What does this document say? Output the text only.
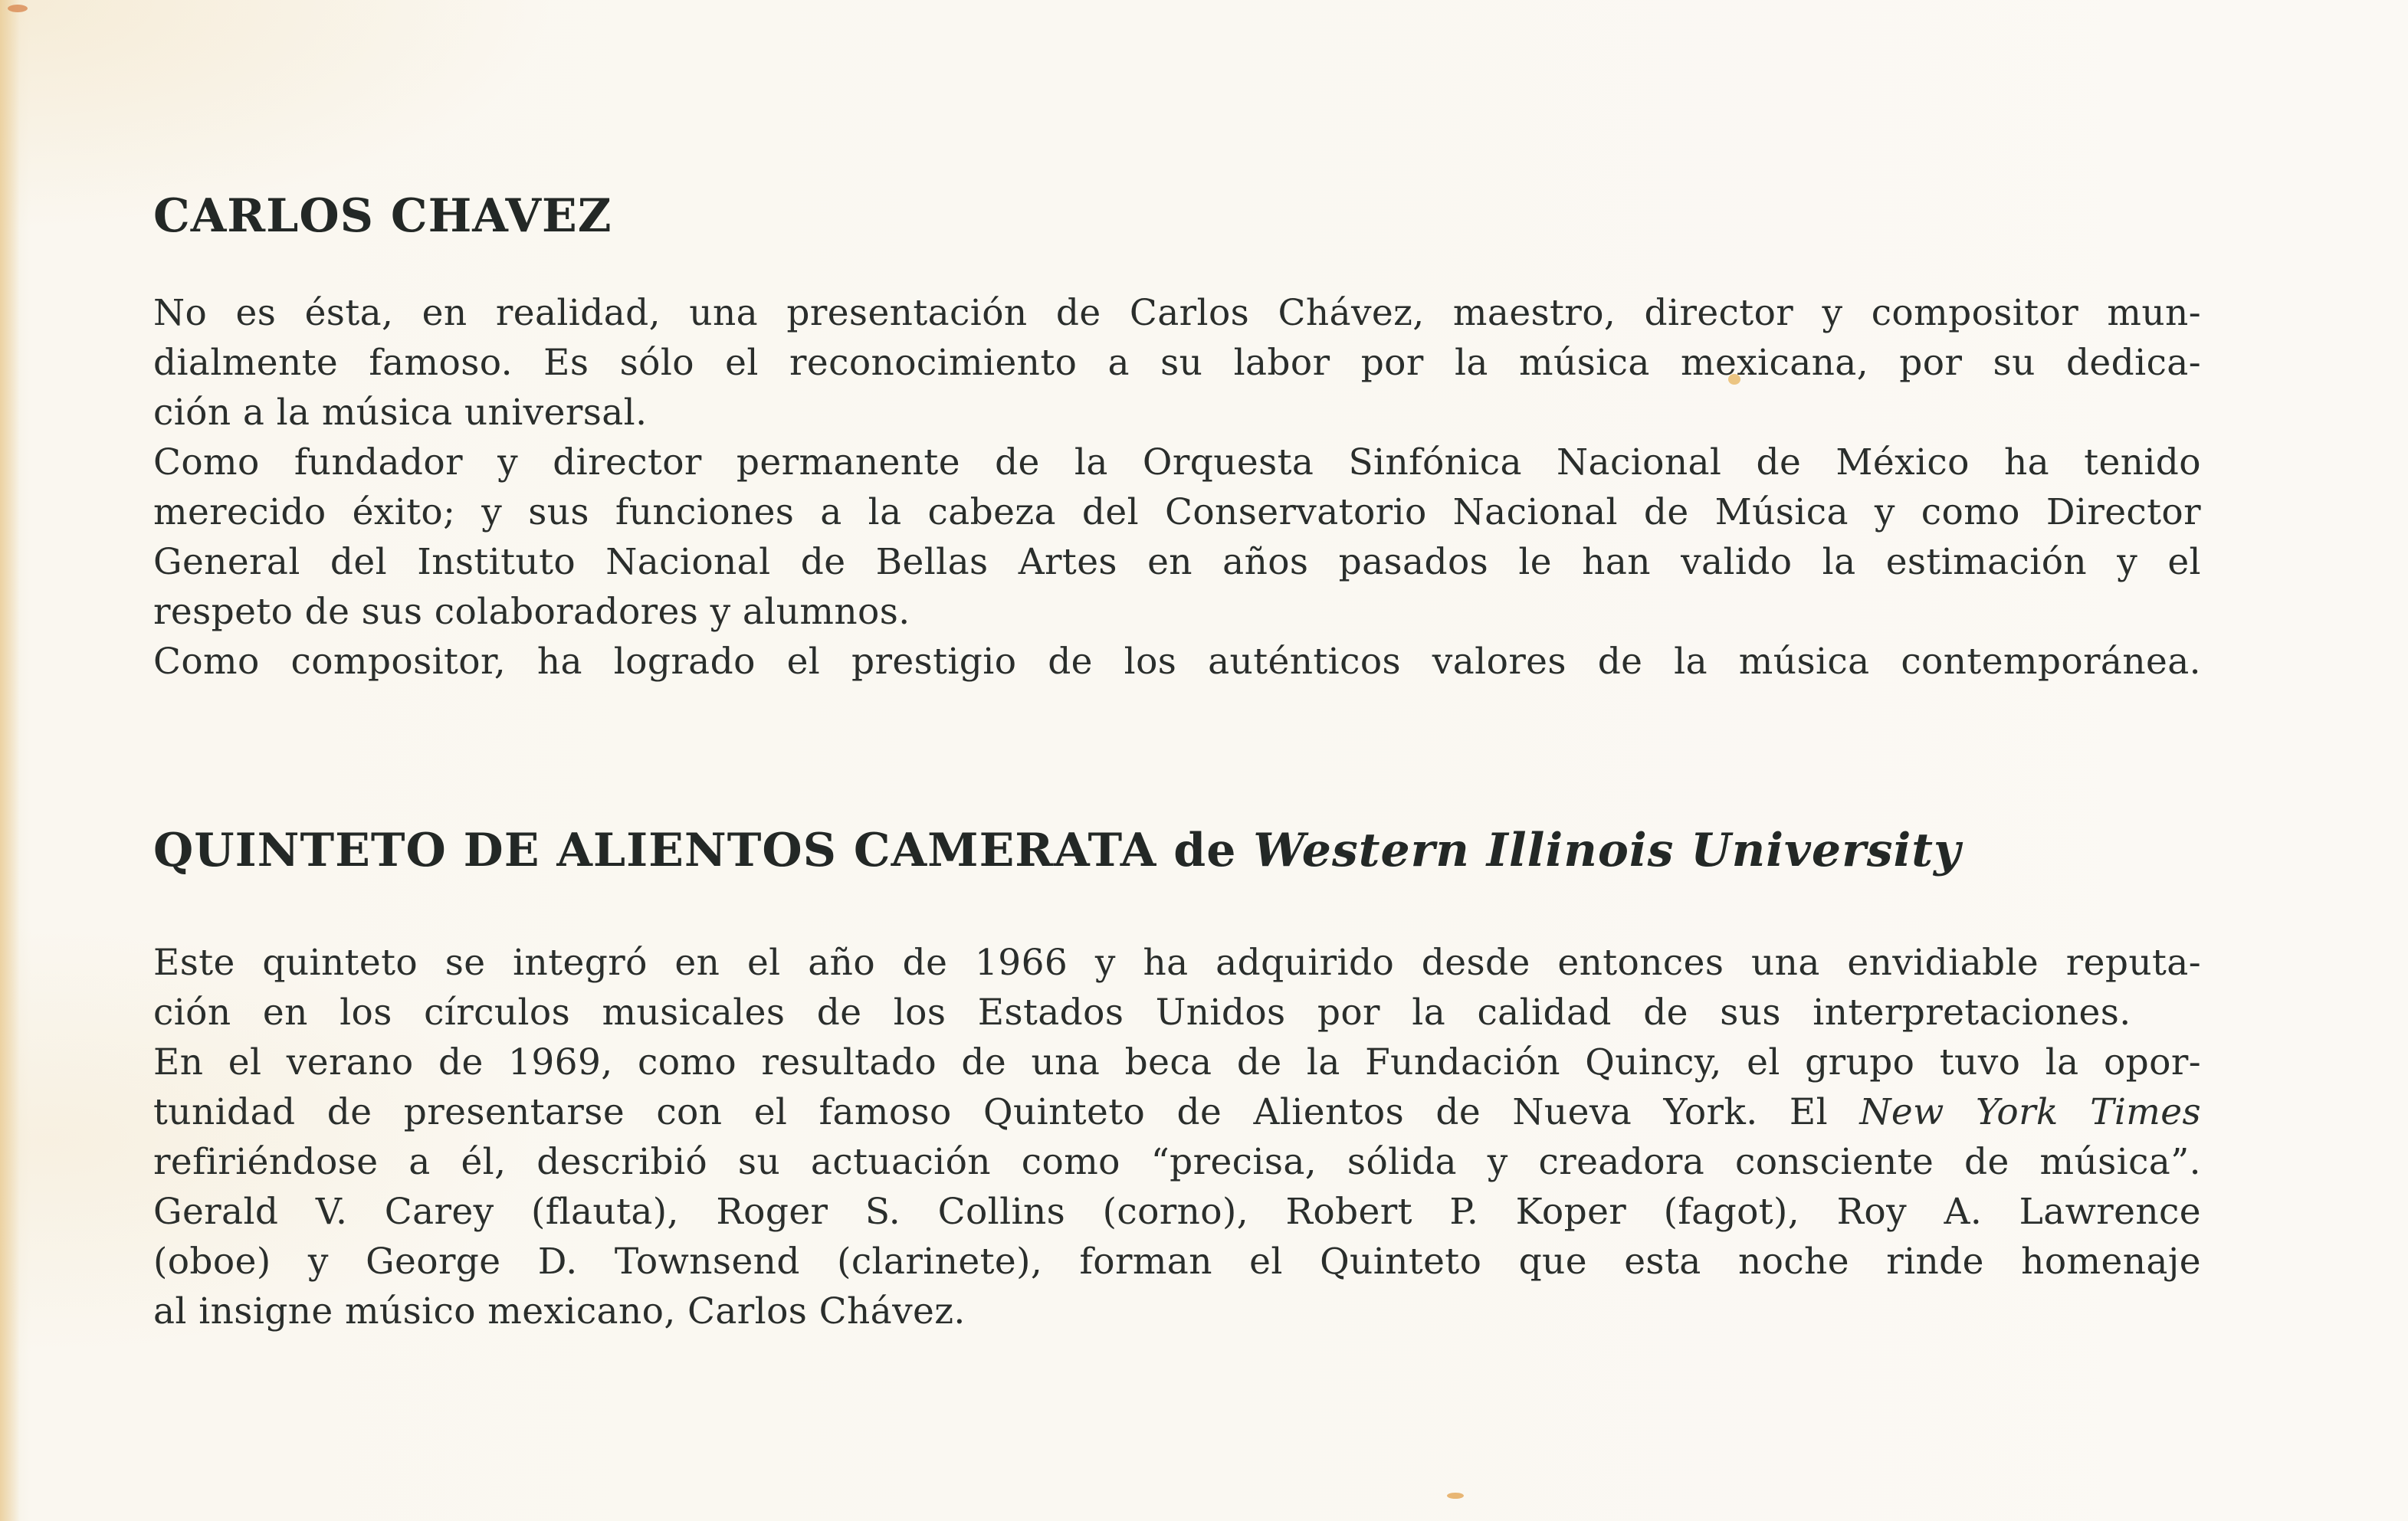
CARLOS CHAVEZ
No es ésta, en realidad, una presentación de Carlos Chávez, maestro, director y compositor mun-
dialmente famoso. Es sólo el reconocimiento a su labor por la música mexicana, por su dedica-
ción a la música universal.
Como fundador y director permanente de la Orquesta Sinfónica Nacional de México ha tenido
merecido éxito; y sus funciones a la cabeza del Conservatorio Nacional de Música y como Director
General del Instituto Nacional de Bellas Artes en años pasados le han valido la estimación y el
respeto de sus colaboradores y alumnos.
Como compositor, ha logrado el prestigio de los auténticos valores de la música contemporánea.
QUINTETO DE ALIENTOS CAMERATA de Western Illinois University
Este quinteto se integró en el año de 1966 y ha adquirido desde entonces una envidiable reputa-
ción en los círculos musicales de los Estados Unidos por la calidad de sus interpretaciones.
En el verano de 1969, como resultado de una beca de la Fundación Quincy, el grupo tuvo la opor-
tunidad de presentarse con el famoso Quinteto de Alientos de Nueva York. El New York Times
refiriéndose a él, describió su actuación como “precisa, sólida y creadora consciente de música”.
Gerald V. Carey (flauta), Roger S. Collins (corno), Robert P. Koper (fagot), Roy A. Lawrence
(oboe) y George D. Townsend (clarinete), forman el Quinteto que esta noche rinde homenaje
al insigne músico mexicano, Carlos Chávez.
